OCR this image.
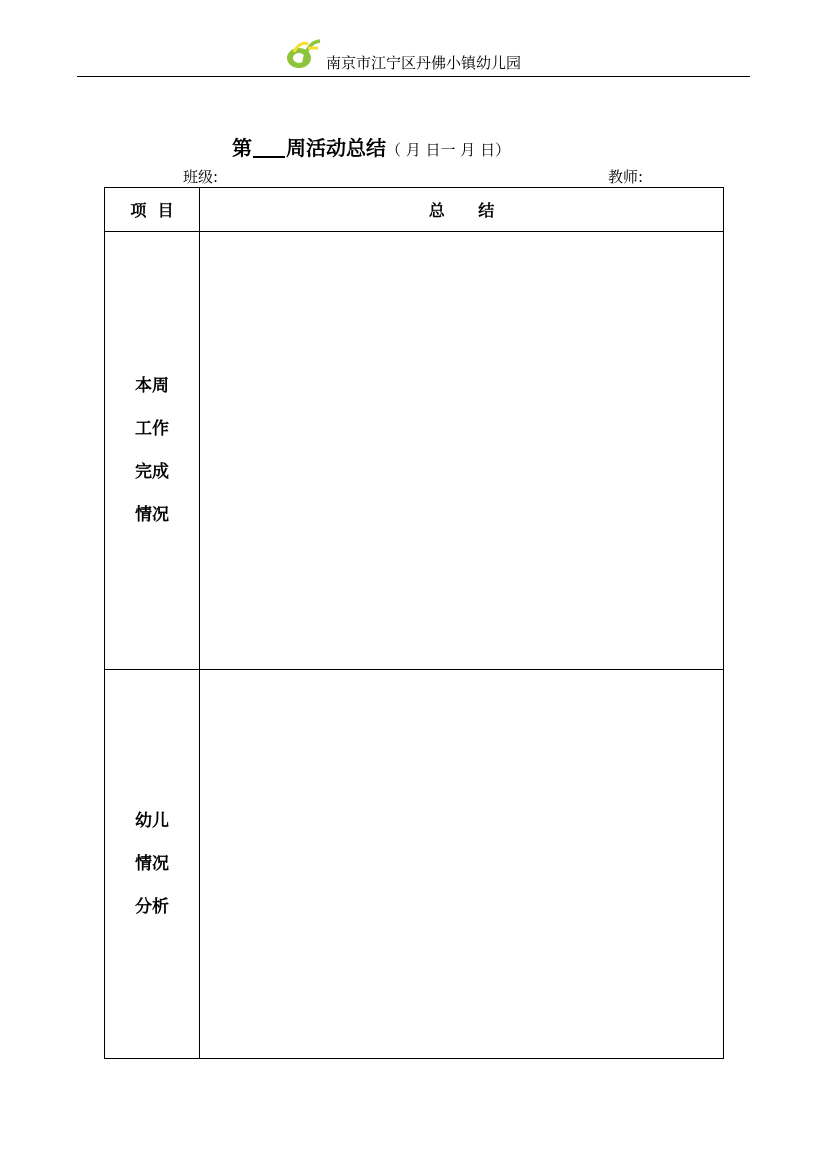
南京市江宁区丹佛小镇幼儿园
第 周活动总结（ 月 日一 月 日）
班级:	教师:
项  目	总      结

本周
工作
完成
情况	

幼儿
情况
分析	
